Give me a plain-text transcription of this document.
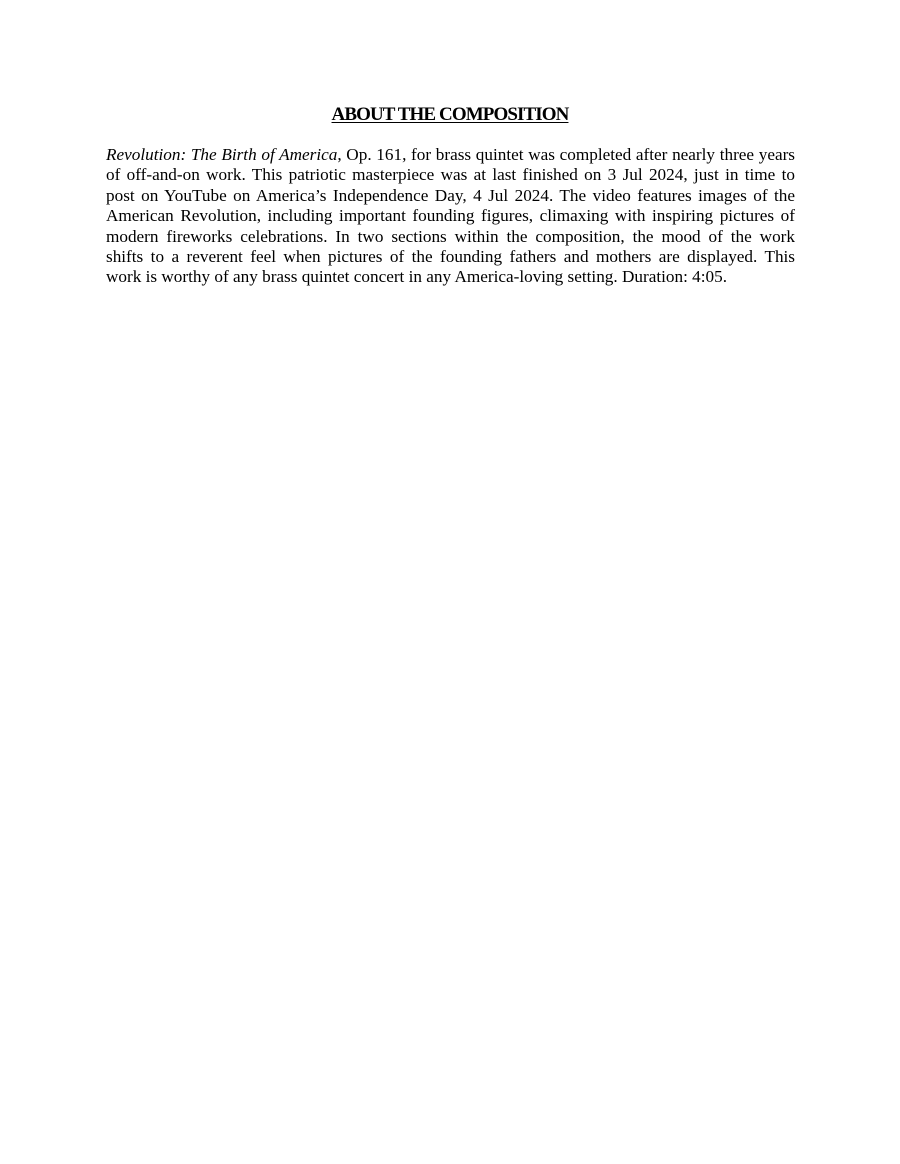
ABOUT THE COMPOSITION

Revolution: The Birth of America, Op. 161, for brass quintet was completed after nearly three years
of off-and-on work. This patriotic masterpiece was at last finished on 3 Jul 2024, just in time to
post on YouTube on America’s Independence Day, 4 Jul 2024. The video features images of the
American Revolution, including important founding figures, climaxing with inspiring pictures of
modern fireworks celebrations. In two sections within the composition, the mood of the work
shifts to a reverent feel when pictures of the founding fathers and mothers are displayed. This
work is worthy of any brass quintet concert in any America-loving setting. Duration: 4:05.
